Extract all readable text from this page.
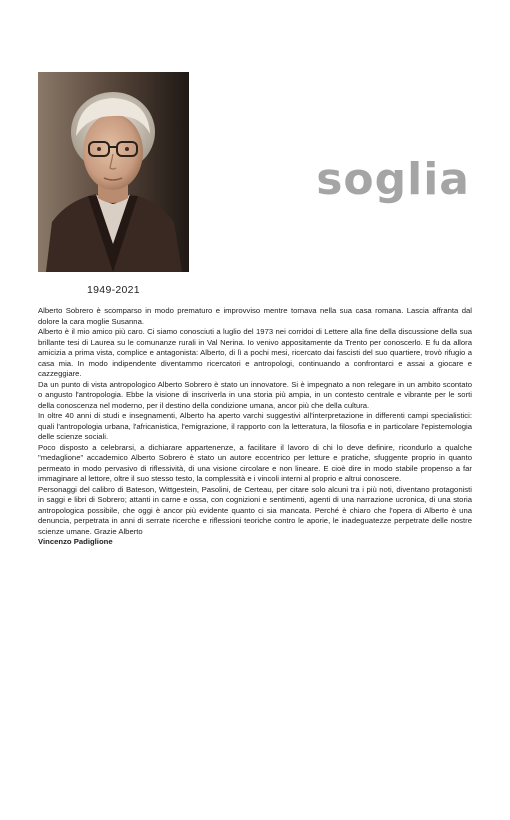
1949-2021
soglia

Alberto Sobrero è scomparso in modo prematuro e improvviso mentre tornava nella sua casa romana. Lascia affranta dal dolore la cara moglie Susanna.

Alberto è il mio amico più caro. Ci siamo conosciuti a luglio del 1973 nei corridoi di Lettere alla fine della discussione della sua brillante tesi di Laurea su le comunanze rurali in Val Nerina. Io venivo appositamente da Trento per conoscerlo. E fu da allora amicizia a prima vista, complice e antagonista: Alberto, di lì a pochi mesi, ricercato dai fascisti del suo quartiere, trovò rifugio a casa mia. In modo indipendente diventammo ricercatori e antropologi, continuando a confrontarci e assai a giocare e cazzeggiare.

Da un punto di vista antropologico Alberto Sobrero è stato un innovatore. Si è impegnato a non relegare in un ambito scontato o angusto l'antropologia. Ebbe la visione di inscriverla in una storia più ampia, in un contesto centrale e vibrante per le sorti della conoscenza nel moderno, per il destino della condizione umana, ancor più che della cultura.

In oltre 40 anni di studi e insegnamenti, Alberto ha aperto varchi suggestivi all'interpretazione in differenti campi specialistici: quali l'antropologia urbana, l'africanistica, l'emigrazione, il rapporto con la letteratura, la filosofia e in particolare l'epistemologia delle scienze sociali.

Poco disposto a celebrarsi, a dichiarare appartenenze, a facilitare il lavoro di chi lo deve definire, ricondurlo a qualche "medaglione" accademico Alberto Sobrero è stato un autore eccentrico per letture e pratiche, sfuggente proprio in quanto permeato in modo pervasivo di riflessività, di una visione circolare e non lineare. E cioè dire in modo stabile propenso a far immaginare al lettore, oltre il suo stesso testo, la complessità e i vincoli interni al proprio e altrui conoscere.

Personaggi del calibro di Bateson, Wittgestein, Pasolini, de Certeau, per citare solo alcuni tra i più noti, diventano protagonisti in saggi e libri di Sobrero; attanti in carne e ossa, con cognizioni e sentimenti, agenti di una narrazione ucronica, di una storia antropologica possibile, che oggi è ancor più evidente quanto ci sia mancata. Perché è chiaro che l'opera di Alberto è una denuncia, perpetrata in anni di serrate ricerche e riflessioni teoriche contro le aporie, le inadeguatezze perpetrate delle nostre scienze umane. Grazie Alberto

Vincenzo Padiglione
